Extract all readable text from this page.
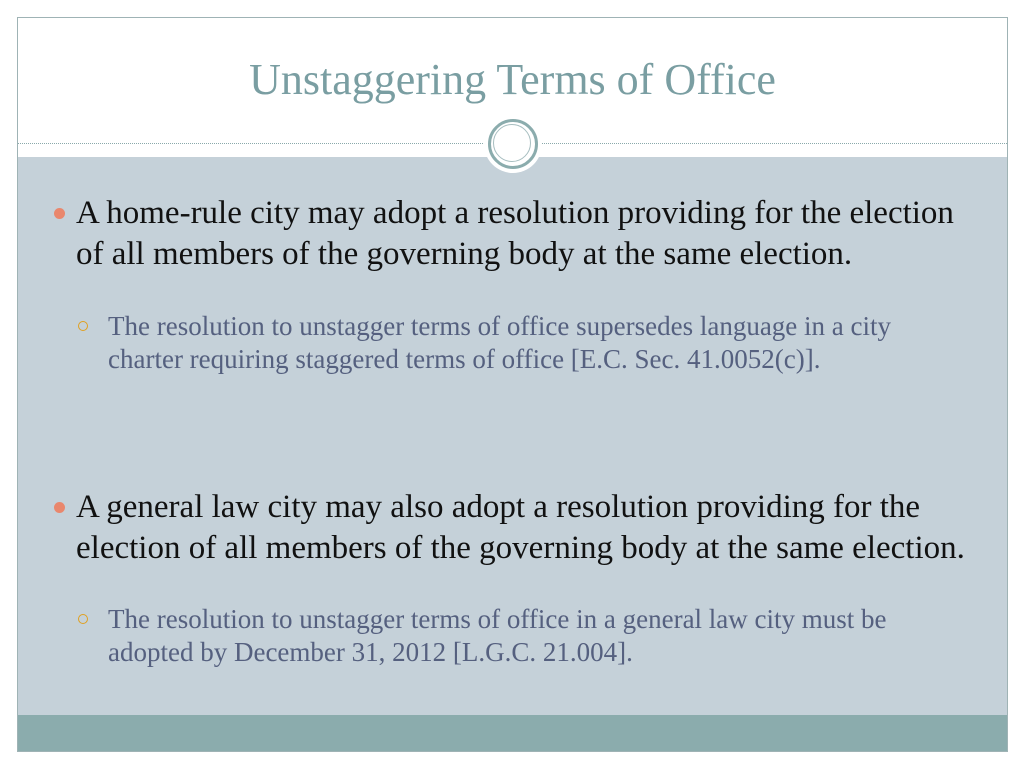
Unstaggering Terms of Office
A home-rule city may adopt a resolution providing for the election of all members of the governing body at the same election.
The resolution to unstagger terms of office supersedes language in a city charter requiring staggered terms of office [E.C. Sec. 41.0052(c)].
A general law city may also adopt a resolution providing for the election of all members of the governing body at the same election.
The resolution to unstagger terms of office in a general law city must be adopted by December 31, 2012 [L.G.C. 21.004].
